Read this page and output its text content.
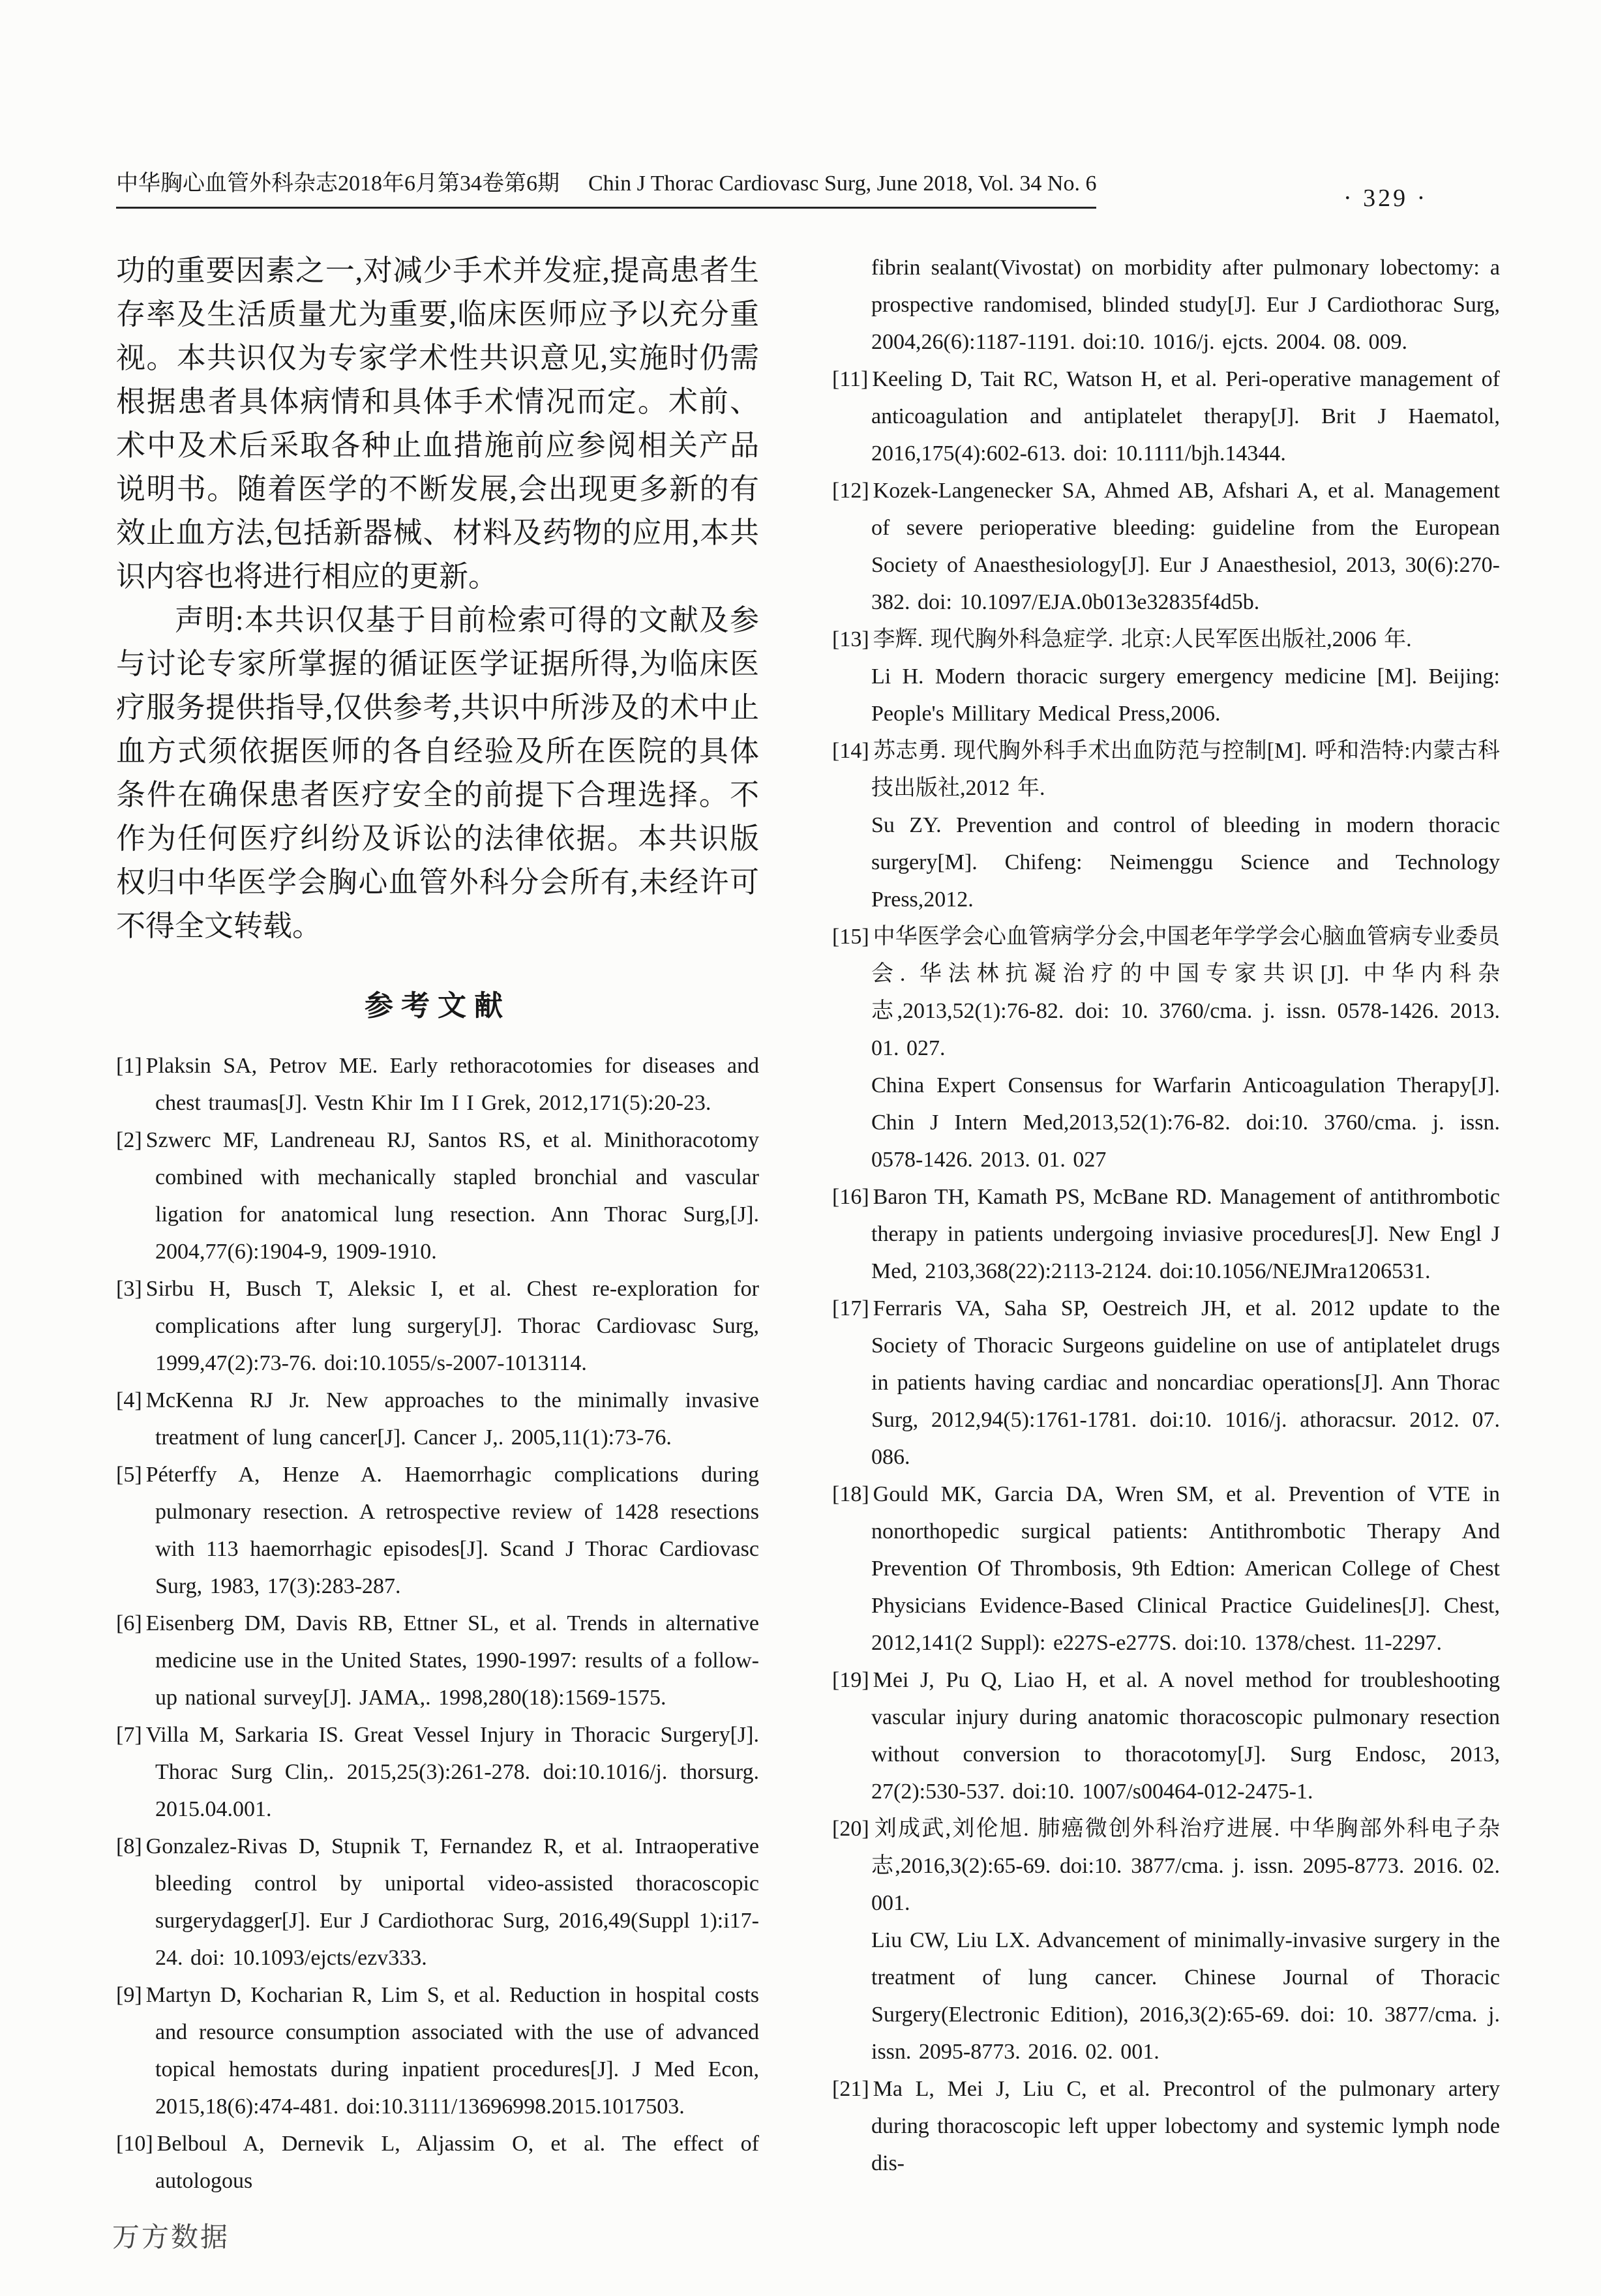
中华胸心血管外科杂志2018年6月第34卷第6期 Chin J Thorac Cardiovasc Surg, June 2018, Vol. 34 No. 6
· 329 ·

功的重要因素之一,对减少手术并发症,提高患者生存率及生活质量尤为重要,临床医师应予以充分重视。本共识仅为专家学术性共识意见,实施时仍需根据患者具体病情和具体手术情况而定。术前、术中及术后采取各种止血措施前应参阅相关产品说明书。随着医学的不断发展,会出现更多新的有效止血方法,包括新器械、材料及药物的应用,本共识内容也将进行相应的更新。

声明:本共识仅基于目前检索可得的文献及参与讨论专家所掌握的循证医学证据所得,为临床医疗服务提供指导,仅供参考,共识中所涉及的术中止血方式须依据医师的各自经验及所在医院的具体条件在确保患者医疗安全的前提下合理选择。不作为任何医疗纠纷及诉讼的法律依据。本共识版权归中华医学会胸心血管外科分会所有,未经许可不得全文转载。

参考文献
[1] Plaksin SA, Petrov ME. Early rethoracotomies for diseases and chest traumas[J]. Vestn Khir Im I I Grek, 2012,171(5):20-23.
[2] Szwerc MF, Landreneau RJ, Santos RS, et al. Minithoracotomy combined with mechanically stapled bronchial and vascular ligation for anatomical lung resection. Ann Thorac Surg,[J]. 2004,77(6):1904-9, 1909-1910.
[3] Sirbu H, Busch T, Aleksic I, et al. Chest re-exploration for complications after lung surgery[J]. Thorac Cardiovasc Surg, 1999,47(2):73-76. doi:10.1055/s-2007-1013114.
[4] McKenna RJ Jr. New approaches to the minimally invasive treatment of lung cancer[J]. Cancer J,. 2005,11(1):73-76.
[5] Péterffy A, Henze A. Haemorrhagic complications during pulmonary resection. A retrospective review of 1428 resections with 113 haemorrhagic episodes[J]. Scand J Thorac Cardiovasc Surg, 1983, 17(3):283-287.
[6] Eisenberg DM, Davis RB, Ettner SL, et al. Trends in alternative medicine use in the United States, 1990-1997: results of a follow-up national survey[J]. JAMA,. 1998,280(18):1569-1575.
[7] Villa M, Sarkaria IS. Great Vessel Injury in Thoracic Surgery[J]. Thorac Surg Clin,. 2015,25(3):261-278. doi:10.1016/j. thorsurg. 2015.04.001.
[8] Gonzalez-Rivas D, Stupnik T, Fernandez R, et al. Intraoperative bleeding control by uniportal video-assisted thoracoscopic surgerydagger[J]. Eur J Cardiothorac Surg, 2016,49(Suppl 1):i17-24. doi: 10.1093/ejcts/ezv333.
[9] Martyn D, Kocharian R, Lim S, et al. Reduction in hospital costs and resource consumption associated with the use of advanced topical hemostats during inpatient procedures[J]. J Med Econ, 2015,18(6):474-481. doi:10.3111/13696998.2015.1017503.
[10] Belboul A, Dernevik L, Aljassim O, et al. The effect of autologous
fibrin sealant(Vivostat) on morbidity after pulmonary lobectomy: a prospective randomised, blinded study[J]. Eur J Cardiothorac Surg, 2004,26(6):1187-1191. doi:10. 1016/j. ejcts. 2004. 08. 009.
[11] Keeling D, Tait RC, Watson H, et al. Peri-operative management of anticoagulation and antiplatelet therapy[J]. Brit J Haematol, 2016,175(4):602-613. doi: 10.1111/bjh.14344.
[12] Kozek-Langenecker SA, Ahmed AB, Afshari A, et al. Management of severe perioperative bleeding: guideline from the European Society of Anaesthesiology[J]. Eur J Anaesthesiol, 2013, 30(6):270-382. doi: 10.1097/EJA.0b013e32835f4d5b.
[13] 李辉. 现代胸外科急症学. 北京:人民军医出版社,2006 年.
Li H. Modern thoracic surgery emergency medicine [M]. Beijing: People's Millitary Medical Press,2006.
[14] 苏志勇. 现代胸外科手术出血防范与控制[M]. 呼和浩特:内蒙古科技出版社,2012 年.
Su ZY. Prevention and control of bleeding in modern thoracic surgery[M]. Chifeng: Neimenggu Science and Technology Press,2012.
[15] 中华医学会心血管病学分会,中国老年学学会心脑血管病专业委员会. 华法林抗凝治疗的中国专家共识[J]. 中华内科杂志,2013,52(1):76-82. doi: 10. 3760/cma. j. issn. 0578-1426. 2013. 01. 027.
China Expert Consensus for Warfarin Anticoagulation Therapy[J]. Chin J Intern Med,2013,52(1):76-82. doi:10. 3760/cma. j. issn. 0578-1426. 2013. 01. 027
[16] Baron TH, Kamath PS, McBane RD. Management of antithrombotic therapy in patients undergoing inviasive procedures[J]. New Engl J Med, 2103,368(22):2113-2124. doi:10.1056/NEJMra1206531.
[17] Ferraris VA, Saha SP, Oestreich JH, et al. 2012 update to the Society of Thoracic Surgeons guideline on use of antiplatelet drugs in patients having cardiac and noncardiac operations[J]. Ann Thorac Surg, 2012,94(5):1761-1781. doi:10. 1016/j. athoracsur. 2012. 07. 086.
[18] Gould MK, Garcia DA, Wren SM, et al. Prevention of VTE in nonorthopedic surgical patients: Antithrombotic Therapy And Prevention Of Thrombosis, 9th Edtion: American College of Chest Physicians Evidence-Based Clinical Practice Guidelines[J]. Chest, 2012,141(2 Suppl): e227S-e277S. doi:10. 1378/chest. 11-2297.
[19] Mei J, Pu Q, Liao H, et al. A novel method for troubleshooting vascular injury during anatomic thoracoscopic pulmonary resection without conversion to thoracotomy[J]. Surg Endosc, 2013, 27(2):530-537. doi:10. 1007/s00464-012-2475-1.
[20] 刘成武,刘伦旭. 肺癌微创外科治疗进展. 中华胸部外科电子杂志,2016,3(2):65-69. doi:10. 3877/cma. j. issn. 2095-8773. 2016. 02. 001.
Liu CW, Liu LX. Advancement of minimally-invasive surgery in the treatment of lung cancer. Chinese Journal of Thoracic Surgery(Electronic Edition), 2016,3(2):65-69. doi: 10. 3877/cma. j. issn. 2095-8773. 2016. 02. 001.
[21] Ma L, Mei J, Liu C, et al. Precontrol of the pulmonary artery during thoracoscopic left upper lobectomy and systemic lymph node dis-
万方数据
